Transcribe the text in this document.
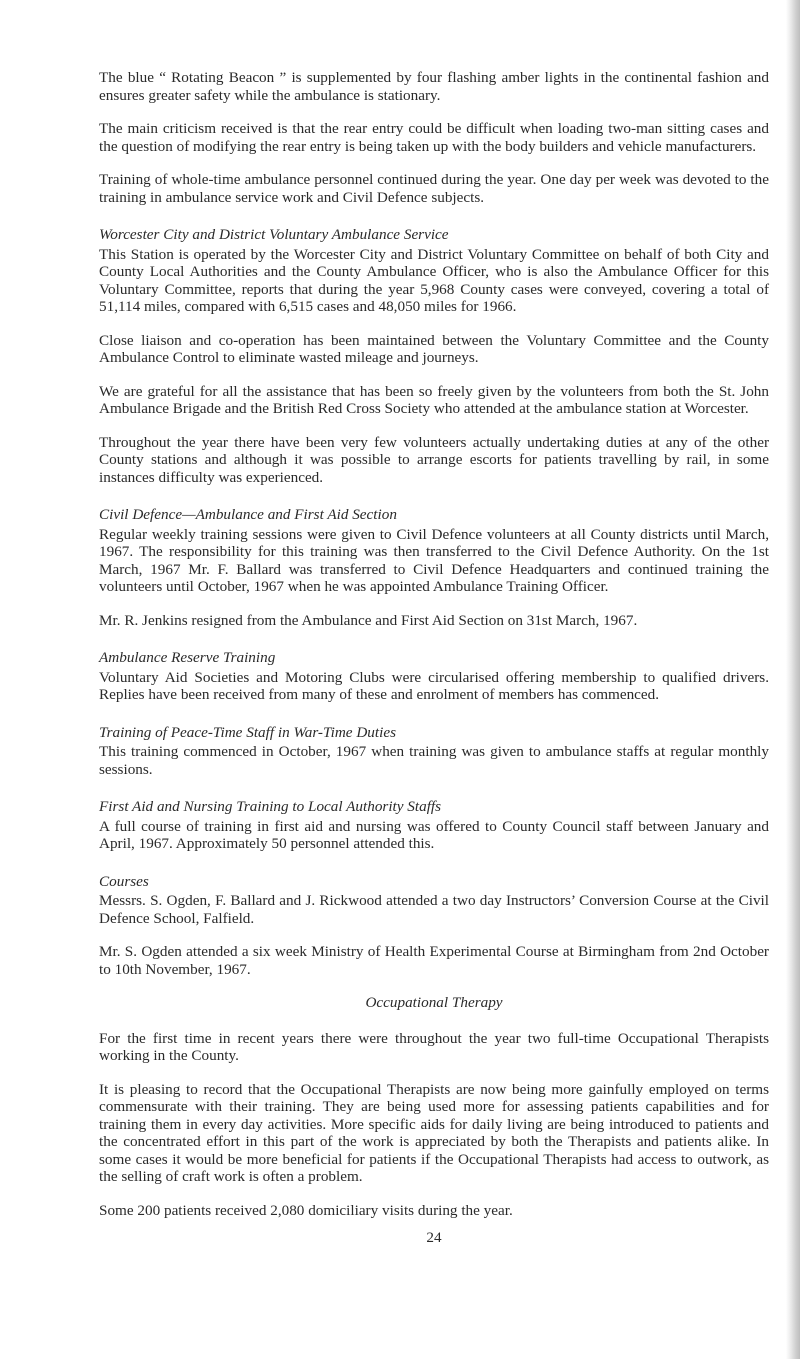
The blue “ Rotating Beacon ” is supplemented by four flashing amber lights in the continental fashion and ensures greater safety while the ambulance is stationary.

The main criticism received is that the rear entry could be difficult when loading two-man sitting cases and the question of modifying the rear entry is being taken up with the body builders and vehicle manufacturers.

Training of whole-time ambulance personnel continued during the year. One day per week was devoted to the training in ambulance service work and Civil Defence subjects.

Worcester City and District Voluntary Ambulance Service

This Station is operated by the Worcester City and District Voluntary Committee on behalf of both City and County Local Authorities and the County Ambulance Officer, who is also the Ambulance Officer for this Voluntary Committee, reports that during the year 5,968 County cases were conveyed, covering a total of 51,114 miles, compared with 6,515 cases and 48,050 miles for 1966.

Close liaison and co-operation has been maintained between the Voluntary Committee and the County Ambulance Control to eliminate wasted mileage and journeys.

We are grateful for all the assistance that has been so freely given by the volunteers from both the St. John Ambulance Brigade and the British Red Cross Society who attended at the ambulance station at Worcester.

Throughout the year there have been very few volunteers actually undertaking duties at any of the other County stations and although it was possible to arrange escorts for patients travelling by rail, in some instances difficulty was experienced.

Civil Defence—Ambulance and First Aid Section

Regular weekly training sessions were given to Civil Defence volunteers at all County districts until March, 1967. The responsibility for this training was then transferred to the Civil Defence Authority. On the 1st March, 1967 Mr. F. Ballard was transferred to Civil Defence Headquarters and continued training the volunteers until October, 1967 when he was appointed Ambulance Training Officer.

Mr. R. Jenkins resigned from the Ambulance and First Aid Section on 31st March, 1967.

Ambulance Reserve Training

Voluntary Aid Societies and Motoring Clubs were circularised offering membership to qualified drivers. Replies have been received from many of these and enrolment of members has commenced.

Training of Peace-Time Staff in War-Time Duties

This training commenced in October, 1967 when training was given to ambulance staffs at regular monthly sessions.

First Aid and Nursing Training to Local Authority Staffs

A full course of training in first aid and nursing was offered to County Council staff between January and April, 1967. Approximately 50 personnel attended this.

Courses

Messrs. S. Ogden, F. Ballard and J. Rickwood attended a two day Instructors’ Conversion Course at the Civil Defence School, Falfield.

Mr. S. Ogden attended a six week Ministry of Health Experimental Course at Birmingham from 2nd October to 10th November, 1967.

Occupational Therapy

For the first time in recent years there were throughout the year two full-time Occupational Therapists working in the County.

It is pleasing to record that the Occupational Therapists are now being more gainfully employed on terms commensurate with their training. They are being used more for assessing patients capabilities and for training them in every day activities. More specific aids for daily living are being introduced to patients and the concentrated effort in this part of the work is appreciated by both the Therapists and patients alike. In some cases it would be more beneficial for patients if the Occupational Therapists had access to outwork, as the selling of craft work is often a problem.

Some 200 patients received 2,080 domiciliary visits during the year.

24
